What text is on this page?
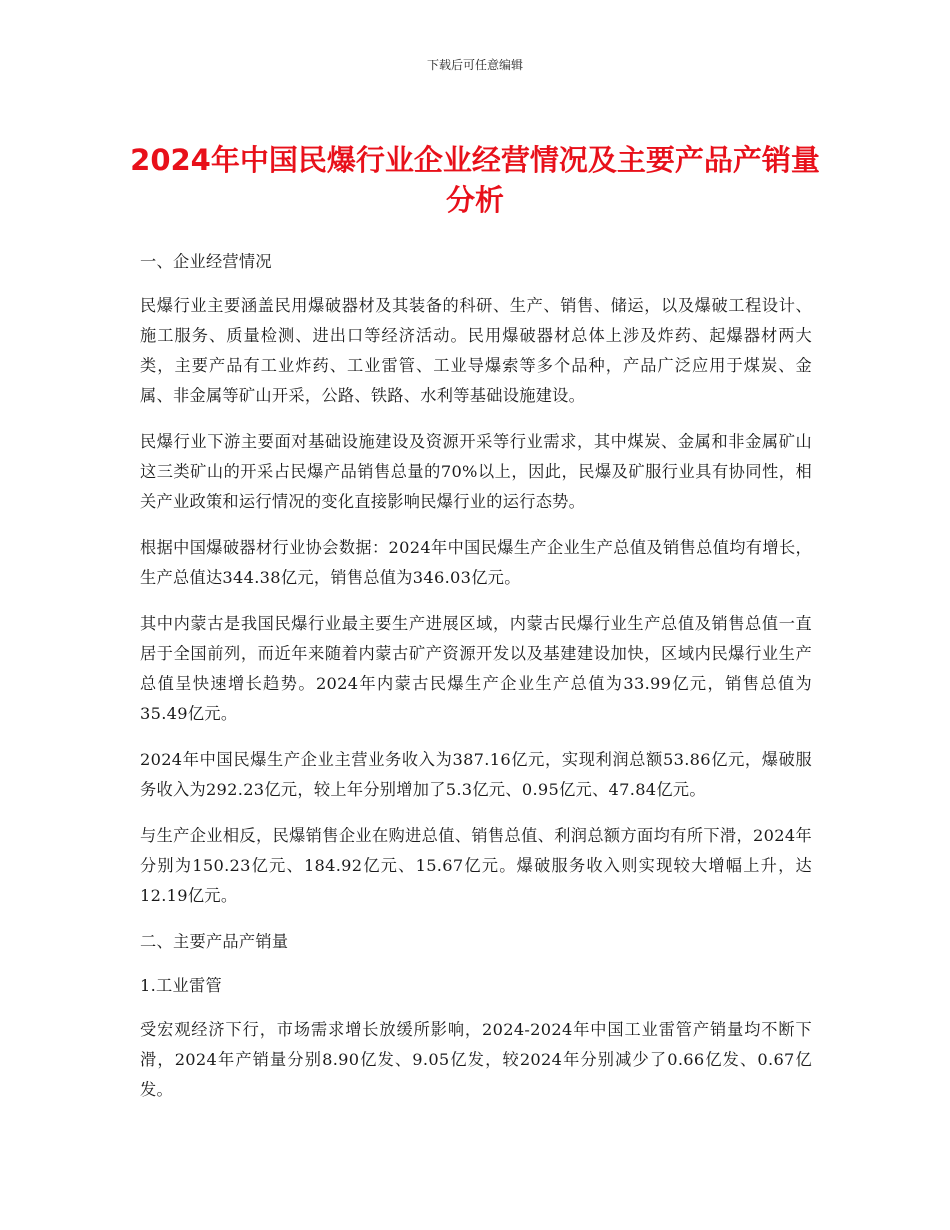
下载后可任意编辑
2024年中国民爆行业企业经营情况及主要产品产销量分析

一、企业经营情况

民爆行业主要涵盖民用爆破器材及其装备的科研、生产、销售、储运，以及爆破工程设计、施工服务、质量检测、进出口等经济活动。民用爆破器材总体上涉及炸药、起爆器材两大类，主要产品有工业炸药、工业雷管、工业导爆索等多个品种，产品广泛应用于煤炭、金属、非金属等矿山开采，公路、铁路、水利等基础设施建设。

民爆行业下游主要面对基础设施建设及资源开采等行业需求，其中煤炭、金属和非金属矿山这三类矿山的开采占民爆产品销售总量的70%以上，因此，民爆及矿服行业具有协同性，相关产业政策和运行情况的变化直接影响民爆行业的运行态势。

根据中国爆破器材行业协会数据：2024年中国民爆生产企业生产总值及销售总值均有增长，生产总值达344.38亿元，销售总值为346.03亿元。

其中内蒙古是我国民爆行业最主要生产进展区域，内蒙古民爆行业生产总值及销售总值一直居于全国前列，而近年来随着内蒙古矿产资源开发以及基建建设加快，区域内民爆行业生产总值呈快速增长趋势。2024年内蒙古民爆生产企业生产总值为33.99亿元，销售总值为35.49亿元。

2024年中国民爆生产企业主营业务收入为387.16亿元，实现利润总额53.86亿元，爆破服务收入为292.23亿元，较上年分别增加了5.3亿元、0.95亿元、47.84亿元。

与生产企业相反，民爆销售企业在购进总值、销售总值、利润总额方面均有所下滑，2024年分别为150.23亿元、184.92亿元、15.67亿元。爆破服务收入则实现较大增幅上升，达12.19亿元。

二、主要产品产销量

1.工业雷管

受宏观经济下行，市场需求增长放缓所影响，2024-2024年中国工业雷管产销量均不断下滑，2024年产销量分别8.90亿发、9.05亿发，较2024年分别减少了0.66亿发、0.67亿发。
